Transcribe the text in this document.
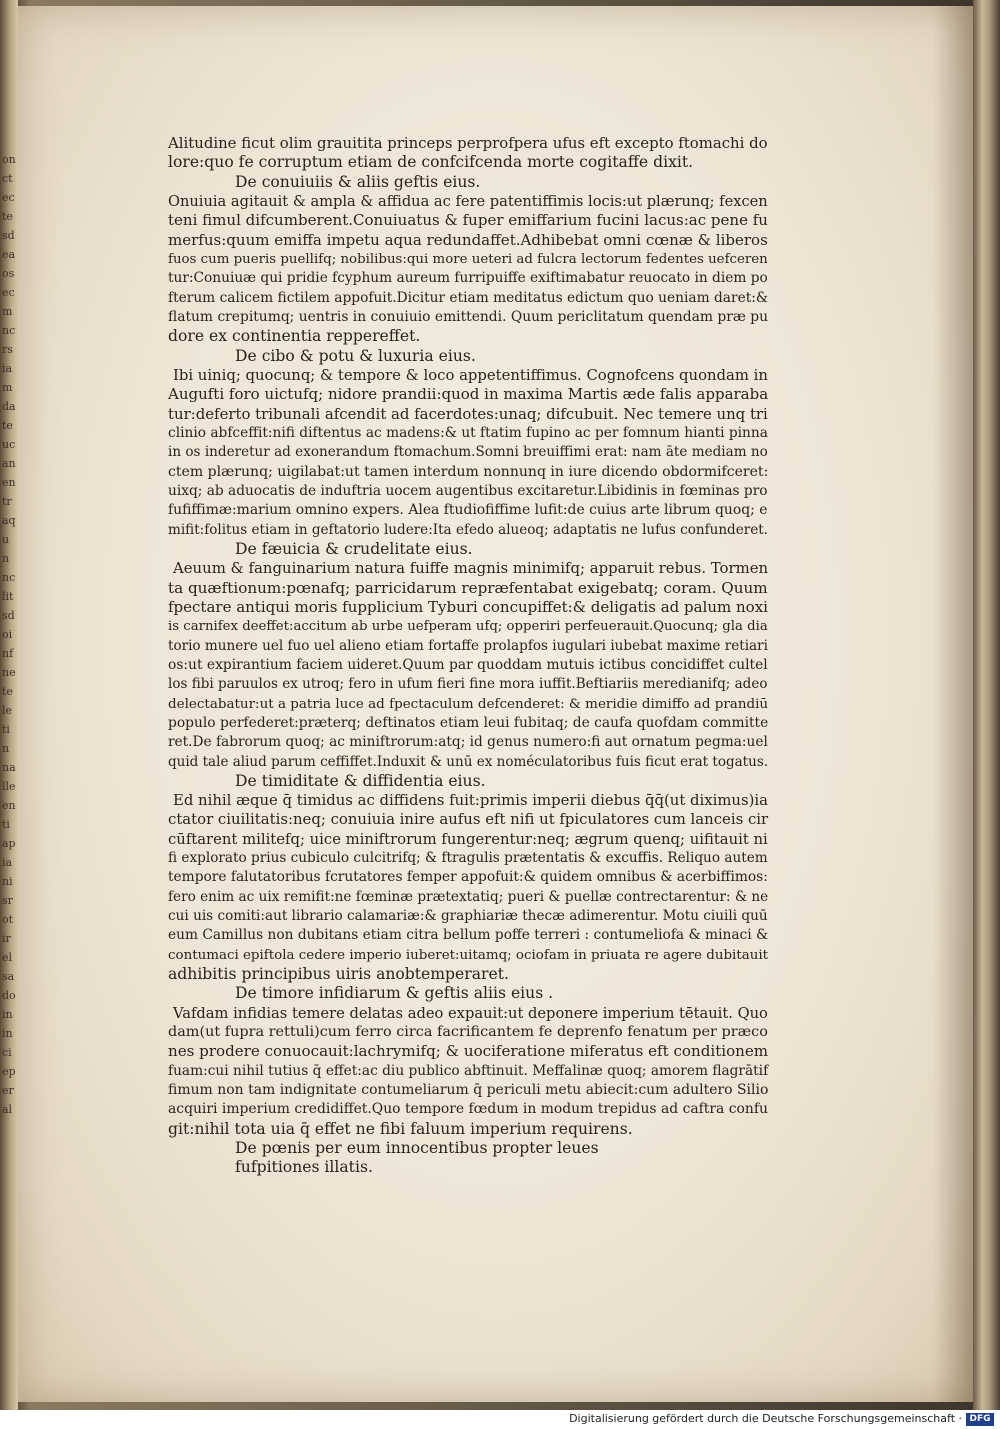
onctectesdeaosecmncrsiamdateucanentraqunnclitsdoinfneteletinnalleentiapianisrotirelsadoinincieperal
Alitudine ficut olim grauitita princeps perprofpera ufus eft excepto ftomachi do
lore:quo fe corruptum etiam de confcifcenda morte cogitaffe dixit.
De conuiuiis & aliis geftis eius.
Onuiuia agitauit & ampla & affidua ac fere patentiffimis locis:ut plærunq; fexcen
teni fimul difcumberent.Conuiuatus & fuper emiffarium fucini lacus:ac pene fu
merfus:quum emiffa impetu aqua redundaffet.Adhibebat omni cœnæ & liberos
fuos cum pueris puellifq; nobilibus:qui more ueteri ad fulcra lectorum fedentes uefceren
tur:Conuiuæ qui pridie fcyphum aureum furripuiffe exiftimabatur reuocato in diem po
fterum calicem fictilem appofuit.Dicitur etiam meditatus edictum quo ueniam daret:&
flatum crepitumq; uentris in conuiuio emittendi. Quum periclitatum quendam præ pu
dore ex continentia reppereffet.
De cibo & potu & luxuria eius.
Ibi uiniq; quocunq; & tempore & loco appetentiffimus. Cognofcens quondam in
Augufti foro uictufq; nidore prandii:quod in maxima Martis æde falis apparaba
tur:deferto tribunali afcendit ad facerdotes:unaq; difcubuit. Nec temere unq tri
clinio abfceffit:nifi diftentus ac madens:& ut ftatim fupino ac per fomnum hianti pinna
in os inderetur ad exonerandum ftomachum.Somni breuiffimi erat: nam āte mediam no
ctem plærunq; uigilabat:ut tamen interdum nonnunq in iure dicendo obdormifceret:
uixq; ab aduocatis de induftria uocem augentibus excitaretur.Libidinis in fœminas pro
fufiffimæ:marium omnino expers. Alea ftudiofiffime lufit:de cuius arte librum quoq; e
mifit:folitus etiam in geftatorio ludere:Ita efedo alueoq; adaptatis ne lufus confunderet.
De fæuicia & crudelitate eius.
Aeuum & fanguinarium natura fuiffe magnis minimifq; apparuit rebus. Tormen
ta quæftionum:pœnafq; parricidarum repræfentabat exigebatq; coram. Quum
fpectare antiqui moris fupplicium Tyburi concupiffet:& deligatis ad palum noxi
is carnifex deeffet:accitum ab urbe uefperam ufq; opperiri perfeuerauit.Quocunq; gla dia
torio munere uel fuo uel alieno etiam fortaffe prolapfos iugulari iubebat maxime retiari
os:ut expirantium faciem uideret.Quum par quoddam mutuis ictibus concidiffet cultel
los fibi paruulos ex utroq; fero in ufum fieri fine mora iuffit.Beftiariis meredianifq; adeo
delectabatur:ut a patria luce ad fpectaculum defcenderet: & meridie dimiffo ad prandiū
populo perfederet:præterq; deftinatos etiam leui fubitaq; de caufa quofdam committe
ret.De fabrorum quoq; ac miniftrorum:atq; id genus numero:fi aut ornatum pegma:uel
quid tale aliud parum ceffiffet.Induxit & unū ex noméculatoribus fuis ficut erat togatus.
De timiditate & diffidentia eius.
Ed nihil æque q̄ timidus ac diffidens fuit:primis imperii diebus q̄q̄(ut diximus)ia
ctator ciuilitatis:neq; conuiuia inire aufus eft nifi ut fpiculatores cum lanceis cir
cūftarent militefq; uice miniftrorum fungerentur:neq; ægrum quenq; uifitauit ni
fi explorato prius cubiculo culcitrifq; & ftragulis prætentatis & excuffis. Reliquo autem
tempore falutatoribus fcrutatores femper appofuit:& quidem omnibus & acerbiffimos:
fero enim ac uix remifit:ne fœminæ prætextatiq; pueri & puellæ contrectarentur: & ne
cui uis comiti:aut librario calamariæ:& graphiariæ thecæ adimerentur. Motu ciuili quū
eum Camillus non dubitans etiam citra bellum poffe terreri : contumeliofa & minaci &
contumaci epiftola cedere imperio iuberet:uitamq; ociofam in priuata re agere dubitauit
adhibitis principibus uiris anobtemperaret.
De timore infidiarum & geftis aliis eius .
Vafdam infidias temere delatas adeo expauit:ut deponere imperium tētauit. Quo
dam(ut fupra rettuli)cum ferro circa facrificantem fe deprenfo fenatum per præco
nes prodere conuocauit:lachrymifq; & uociferatione miferatus eft conditionem
fuam:cui nihil tutius q̄ effet:ac diu publico abftinuit. Meffalinæ quoq; amorem flagrātif
fimum non tam indignitate contumeliarum q̄ periculi metu abiecit:cum adultero Silio
acquiri imperium credidiffet.Quo tempore fœdum in modum trepidus ad caftra confu
git:nihil tota uia q̄ effet ne fibi faluum imperium requirens.
De pœnis per eum innocentibus propter leues
fufpitiones illatis.
Digitalisierung gefördert durch die Deutsche Forschungsgemeinschaft · DFG
